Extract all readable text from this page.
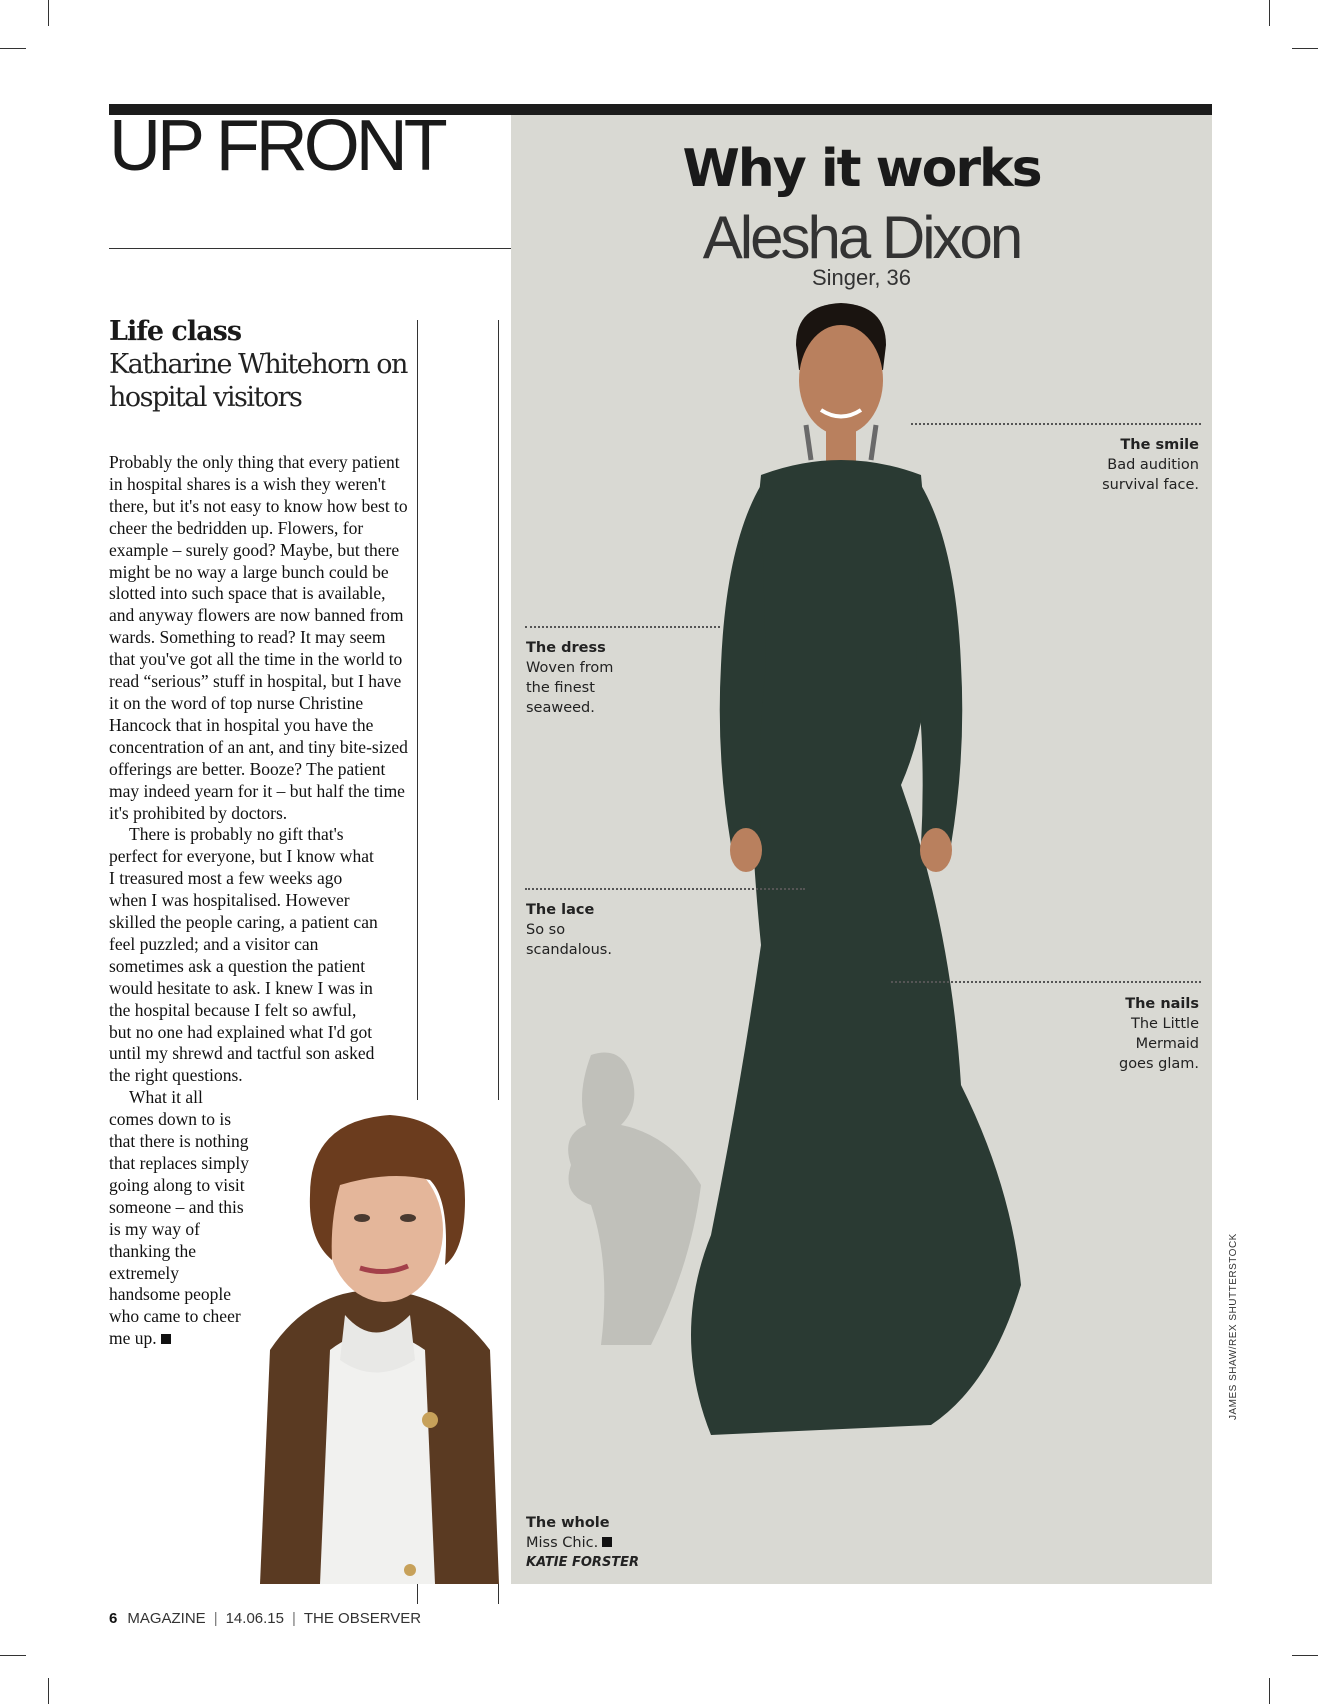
UP FRONT
Life class
Katharine Whitehorn on hospital visitors

Probably the only thing that every patient in hospital shares is a wish they weren't there, but it's not easy to know how best to cheer the bedridden up. Flowers, for example – surely good? Maybe, but there might be no way a large bunch could be slotted into such space that is available, and anyway flowers are now banned from wards. Something to read? It may seem that you've got all the time in the world to read “serious” stuff in hospital, but I have it on the word of top nurse Christine Hancock that in hospital you have the concentration of an ant, and tiny bite-sized offerings are better. Booze? The patient may indeed yearn for it – but half the time it's prohibited by doctors.

There is probably no gift that's perfect for everyone, but I know what I treasured most a few weeks ago when I was hospitalised. However skilled the people caring, a patient can feel puzzled; and a visitor can sometimes ask a question the patient would hesitate to ask. I knew I was in the hospital because I felt so awful, but no one had explained what I'd got until my shrewd and tactful son asked the right questions.

What it all comes down to is that there is nothing that replaces simply going along to visit someone – and this is my way of thanking the extremely handsome people who came to cheer me up.

Why it works
Alesha Dixon
Singer, 36
The smile
Bad audition survival face.
The dress
Woven from the finest seaweed.
The lace
So so scandalous.
The nails
The Little Mermaid goes glam.
The whole
Miss Chic.
KATIE FORSTER
JAMES SHAW/REX SHUTTERSTOCK
6 MAGAZINE | 14.06.15 | THE OBSERVER
